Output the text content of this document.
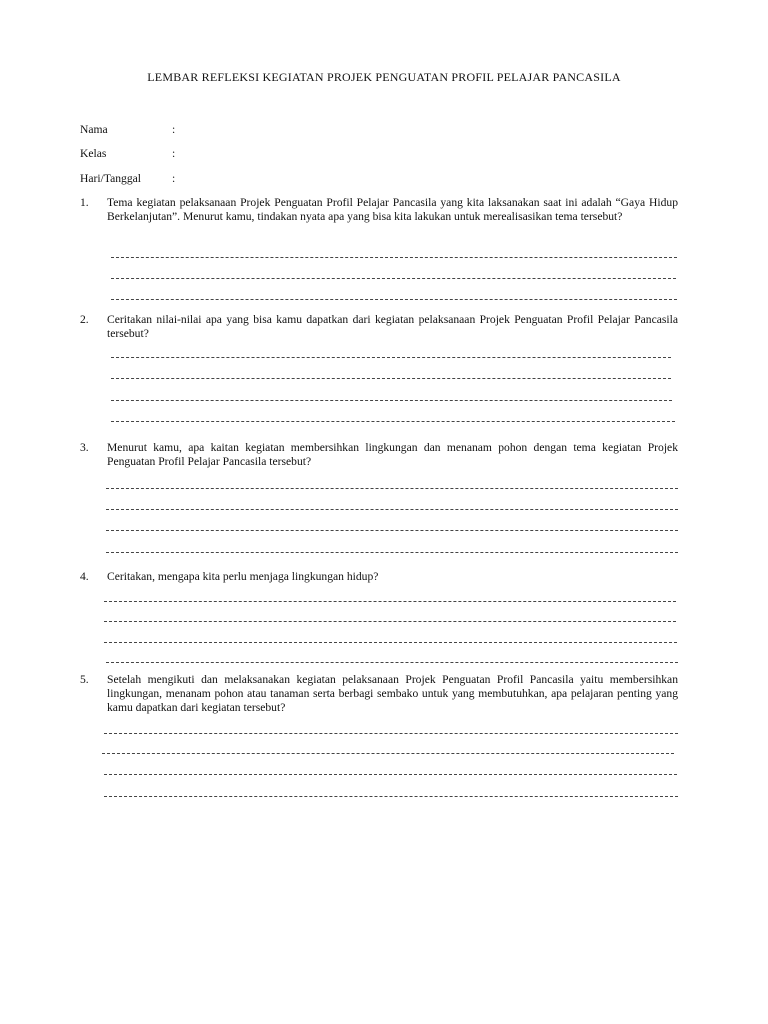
LEMBAR REFLEKSI KEGIATAN PROJEK PENGUATAN PROFIL PELAJAR PANCASILA
Nama	:
Kelas	:
Hari/Tanggal	:
1. Tema kegiatan pelaksanaan Projek Penguatan Profil Pelajar Pancasila yang kita laksanakan saat ini adalah “Gaya Hidup Berkelanjutan”. Menurut kamu, tindakan nyata apa yang bisa kita lakukan untuk merealisasikan tema tersebut?
2. Ceritakan nilai-nilai apa yang bisa kamu dapatkan dari kegiatan pelaksanaan Projek Penguatan Profil Pelajar Pancasila tersebut?
3. Menurut kamu, apa kaitan kegiatan membersihkan lingkungan dan menanam pohon dengan tema kegiatan Projek Penguatan Profil Pelajar Pancasila tersebut?
4. Ceritakan, mengapa kita perlu menjaga lingkungan hidup?
5. Setelah mengikuti dan melaksanakan kegiatan pelaksanaan Projek Penguatan Profil Pancasila yaitu membersihkan lingkungan, menanam pohon atau tanaman serta berbagi sembako untuk yang membutuhkan, apa pelajaran penting yang kamu dapatkan dari kegiatan tersebut?
